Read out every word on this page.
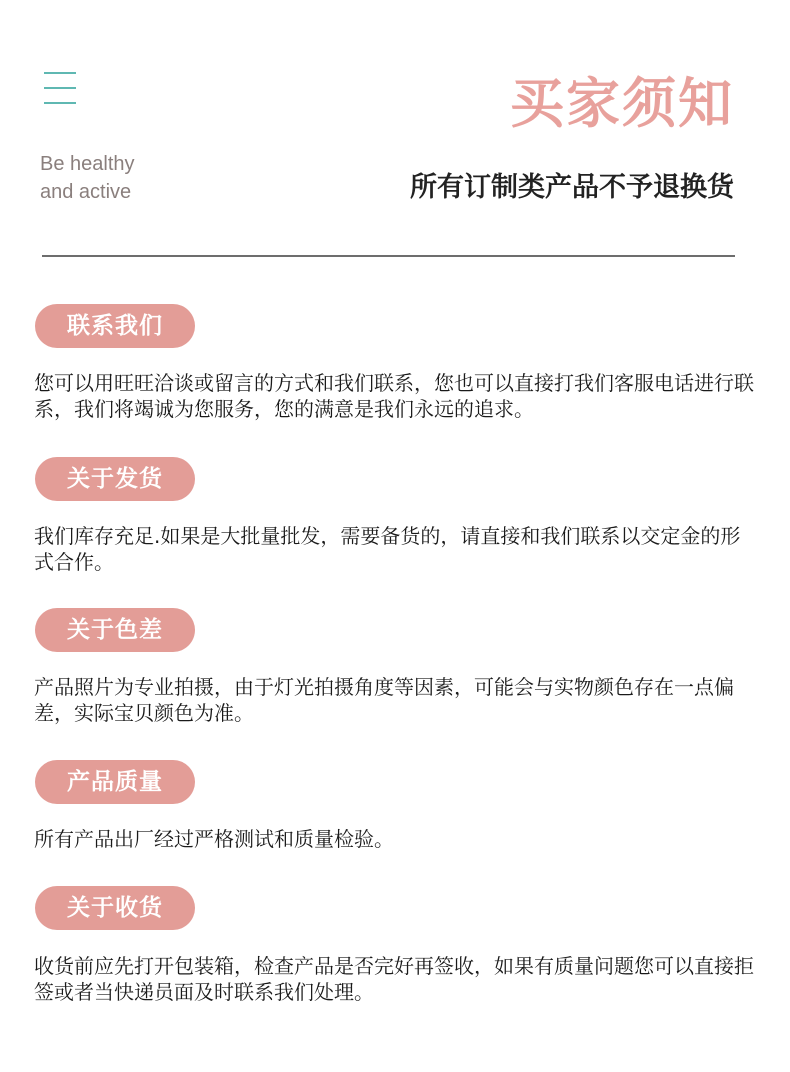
Be healthy
and active
买家须知
所有订制类产品不予退换货
联系我们
您可以用旺旺洽谈或留言的方式和我们联系，您也可以直接打我们客服电话进行联系，我们将竭诚为您服务，您的满意是我们永远的追求。
关于发货
我们库存充足.如果是大批量批发，需要备货的，请直接和我们联系以交定金的形式合作。
关于色差
产品照片为专业拍摄，由于灯光拍摄角度等因素，可能会与实物颜色存在一点偏差，实际宝贝颜色为准。
产品质量
所有产品出厂经过严格测试和质量检验。
关于收货
收货前应先打开包装箱，检查产品是否完好再签收，如果有质量问题您可以直接拒签或者当快递员面及时联系我们处理。
